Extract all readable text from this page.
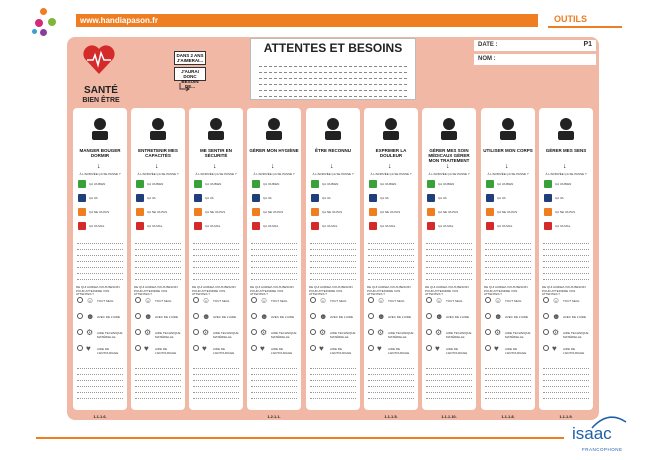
www.handiapason.fr	OUTILS
SANTÉ
BIEN ÊTRE
DANS 2 ANS J'AIMERAI...
J'AURAI DONC BESOIN DE...
ATTENTES ET BESOINS	DATE :	P1
NOM :
MANGER BOUGER DORMIR
↓
À L'ARRIVÉE ÇA SE PASSE ?
ÇA VA BIEN
ÇA VA
ÇA NE VA PAS
ÇA VA MAL
DE QUI AURIEZ-VOUS BESOIN POUR ATTEINDRE VOS ATTENTES ?
☺ TOUT SEUL
☻ AVEC DE L'AIDE
⚙	AIDE TECHNIQUE MATÉRIELLE
♥	AIDE DE L'ENTOURAGE
1.1.1.6.
ENTRETENIR MES CAPACITÉS
↓
À L'ARRIVÉE ÇA SE PASSE ?
ÇA VA BIEN
ÇA VA
ÇA NE VA PAS
ÇA VA MAL
DE QUI AURIEZ-VOUS BESOIN POUR ATTEINDRE VOS ATTENTES ?
☺ TOUT SEUL
☻ AVEC DE L'AIDE
⚙	AIDE TECHNIQUE MATÉRIELLE
♥	AIDE DE L'ENTOURAGE
ME SENTIR EN SÉCURITÉ
↓
À L'ARRIVÉE ÇA SE PASSE ?
ÇA VA BIEN
ÇA VA
ÇA NE VA PAS
ÇA VA MAL
DE QUI AURIEZ-VOUS BESOIN POUR ATTEINDRE VOS ATTENTES ?
☺ TOUT SEUL
☻ AVEC DE L'AIDE
⚙	AIDE TECHNIQUE MATÉRIELLE
♥	AIDE DE L'ENTOURAGE
GÉRER MON HYGIÈNE
↓
À L'ARRIVÉE ÇA SE PASSE ?
ÇA VA BIEN
ÇA VA
ÇA NE VA PAS
ÇA VA MAL
DE QUI AURIEZ-VOUS BESOIN POUR ATTEINDRE VOS ATTENTES ?
☺ TOUT SEUL
☻ AVEC DE L'AIDE
⚙	AIDE TECHNIQUE MATÉRIELLE
♥	AIDE DE L'ENTOURAGE
1.2.1.1.
ÊTRE RECONNU
↓
À L'ARRIVÉE ÇA SE PASSE ?
ÇA VA BIEN
ÇA VA
ÇA NE VA PAS
ÇA VA MAL
DE QUI AURIEZ-VOUS BESOIN POUR ATTEINDRE VOS ATTENTES ?
☺ TOUT SEUL
☻ AVEC DE L'AIDE
⚙	AIDE TECHNIQUE MATÉRIELLE
♥	AIDE DE L'ENTOURAGE
EXPRIMER LA DOULEUR
↓
À L'ARRIVÉE ÇA SE PASSE ?
ÇA VA BIEN
ÇA VA
ÇA NE VA PAS
ÇA VA MAL
DE QUI AURIEZ-VOUS BESOIN POUR ATTEINDRE VOS ATTENTES ?
☺ TOUT SEUL
☻ AVEC DE L'AIDE
⚙	AIDE TECHNIQUE MATÉRIELLE
♥	AIDE DE L'ENTOURAGE
1.1.1.5.
GÉRER MES SOIN MÉDICAUX GÉRER MON TRAITEMENT
↓
À L'ARRIVÉE ÇA SE PASSE ?
ÇA VA BIEN
ÇA VA
ÇA NE VA PAS
ÇA VA MAL
DE QUI AURIEZ-VOUS BESOIN POUR ATTEINDRE VOS ATTENTES ?
☺ TOUT SEUL
☻ AVEC DE L'AIDE
⚙	AIDE TECHNIQUE MATÉRIELLE
♥	AIDE DE L'ENTOURAGE
1.1.1.10.
UTILISER MON CORPS
↓
À L'ARRIVÉE ÇA SE PASSE ?
ÇA VA BIEN
ÇA VA
ÇA NE VA PAS
ÇA VA MAL
DE QUI AURIEZ-VOUS BESOIN POUR ATTEINDRE VOS ATTENTES ?
☺ TOUT SEUL
☻ AVEC DE L'AIDE
⚙	AIDE TECHNIQUE MATÉRIELLE
♥	AIDE DE L'ENTOURAGE
1.1.1.8.
GÉRER MES SENS
↓
À L'ARRIVÉE ÇA SE PASSE ?
ÇA VA BIEN
ÇA VA
ÇA NE VA PAS
ÇA VA MAL
DE QUI AURIEZ-VOUS BESOIN POUR ATTEINDRE VOS ATTENTES ?
☺ TOUT SEUL
☻ AVEC DE L'AIDE
⚙	AIDE TECHNIQUE MATÉRIELLE
♥	AIDE DE L'ENTOURAGE
1.1.1.9.
isaac
FRANCOPHONE
